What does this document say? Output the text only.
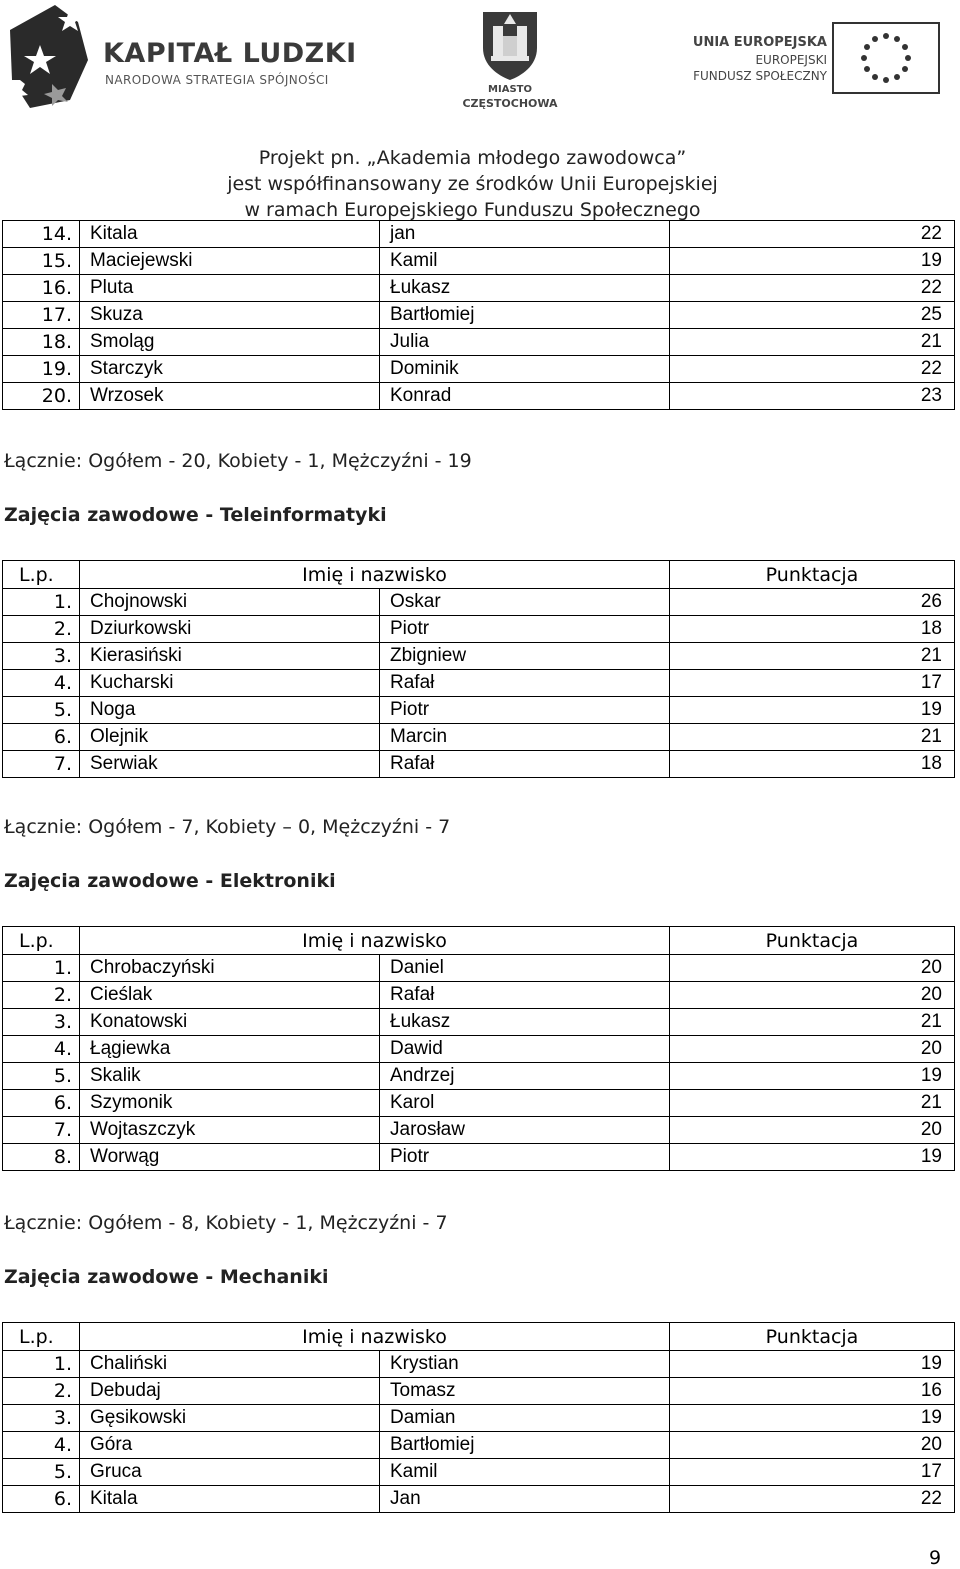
KAPITAŁ LUDZKI
NARODOWA STRATEGIA SPÓJNOŚCI
MIASTO
CZĘSTOCHOWA
UNIA EUROPEJSKA
EUROPEJSKI
FUNDUSZ SPOŁECZNY
Projekt pn. „Akademia młodego zawodowca”
jest współfinansowany ze środków Unii Europejskiej
w ramach Europejskiego Funduszu Społecznego
14.	Kitala	jan	22
15.	Maciejewski	Kamil	19
16.	Pluta	Łukasz	22
17.	Skuza	Bartłomiej	25
18.	Smoląg	Julia	21
19.	Starczyk	Dominik	22
20.	Wrzosek	Konrad	23
Łącznie: Ogółem - 20, Kobiety - 1, Mężczyźni - 19
Zajęcia zawodowe - Teleinformatyki
L.p.	Imię i nazwisko		Punktacja
1.	Chojnowski	Oskar	26
2.	Dziurkowski	Piotr	18
3.	Kierasiński	Zbigniew	21
4.	Kucharski	Rafał	17
5.	Noga	Piotr	19
6.	Olejnik	Marcin	21
7.	Serwiak	Rafał	18
Łącznie: Ogółem - 7, Kobiety – 0, Mężczyźni - 7
Zajęcia zawodowe - Elektroniki
L.p.	Imię i nazwisko		Punktacja
1.	Chrobaczyński	Daniel	20
2.	Cieślak	Rafał	20
3.	Konatowski	Łukasz	21
4.	Łągiewka	Dawid	20
5.	Skalik	Andrzej	19
6.	Szymonik	Karol	21
7.	Wojtaszczyk	Jarosław	20
8.	Worwąg	Piotr	19
Łącznie: Ogółem - 8, Kobiety - 1, Mężczyźni - 7
Zajęcia zawodowe - Mechaniki
L.p.	Imię i nazwisko		Punktacja
1.	Chaliński	Krystian	19
2.	Debudaj	Tomasz	16
3.	Gęsikowski	Damian	19
4.	Góra	Bartłomiej	20
5.	Gruca	Kamil	17
6.	Kitala	Jan	22
9
